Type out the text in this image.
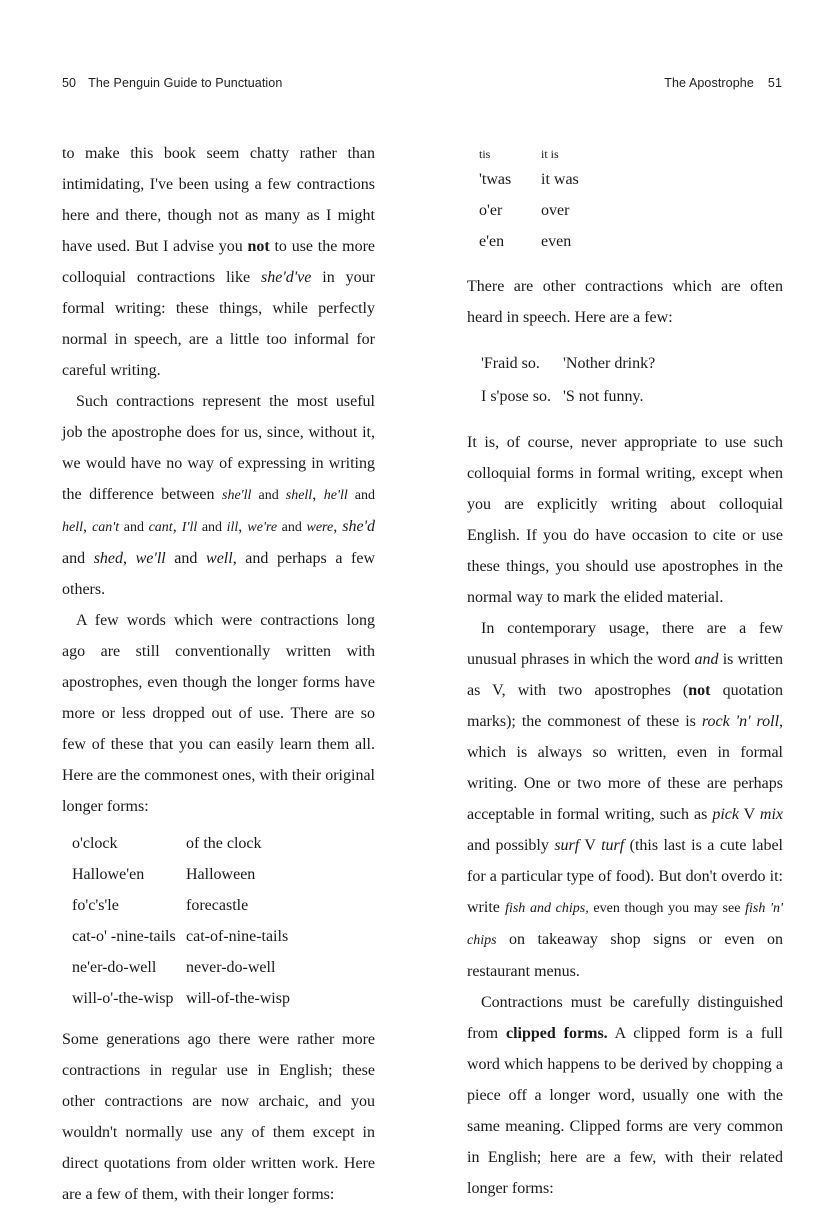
50 The Penguin Guide to Punctuation	The Apostrophe 51

to make this book seem chatty rather than intimidating, I've been using a few contractions here and there, though not as many as I might have used. But I advise you not to use the more colloquial contractions like she'd've in your formal writing: these things, while perfectly normal in speech, are a little too informal for careful writing.

Such contractions represent the most useful job the apostrophe does for us, since, without it, we would have no way of expressing in writing the difference between she'll and shell, he'll and hell, can't and cant, I'll and ill, we're and were, she'd and shed, we'll and well, and perhaps a few others.

A few words which were contractions long ago are still conventionally written with apostrophes, even though the longer forms have more or less dropped out of use. There are so few of these that you can easily learn them all. Here are the commonest ones, with their original longer forms:

o'clock	of the clock
Hallowe'en	Halloween
fo'c's'le	forecastle
cat-o' -nine-tails	cat-of-nine-tails
ne'er-do-well	never-do-well
will-o'-the-wisp	will-of-the-wisp

Some generations ago there were rather more contractions in regular use in English; these other contractions are now archaic, and you wouldn't normally use any of them except in direct quotations from older written work. Here are a few of them, with their longer forms:

tis	it is
'twas	it was
o'er	over
e'en	even

There are other contractions which are often heard in speech. Here are a few:

'Fraid so.	'Nother drink?
I s'pose so.	'S not funny.

It is, of course, never appropriate to use such colloquial forms in formal writing, except when you are explicitly writing about colloquial English. If you do have occasion to cite or use these things, you should use apostrophes in the normal way to mark the elided material.

In contemporary usage, there are a few unusual phrases in which the word and is written as V, with two apostrophes (not quotation marks); the commonest of these is rock 'n' roll, which is always so written, even in formal writing. One or two more of these are perhaps acceptable in formal writing, such as pick V mix and possibly surf V turf (this last is a cute label for a particular type of food). But don't overdo it: write fish and chips, even though you may see fish 'n' chips on takeaway shop signs or even on restaurant menus.

Contractions must be carefully distinguished from clipped forms. A clipped form is a full word which happens to be derived by chopping a piece off a longer word, usually one with the same meaning. Clipped forms are very common in English; here are a few, with their related longer forms:
